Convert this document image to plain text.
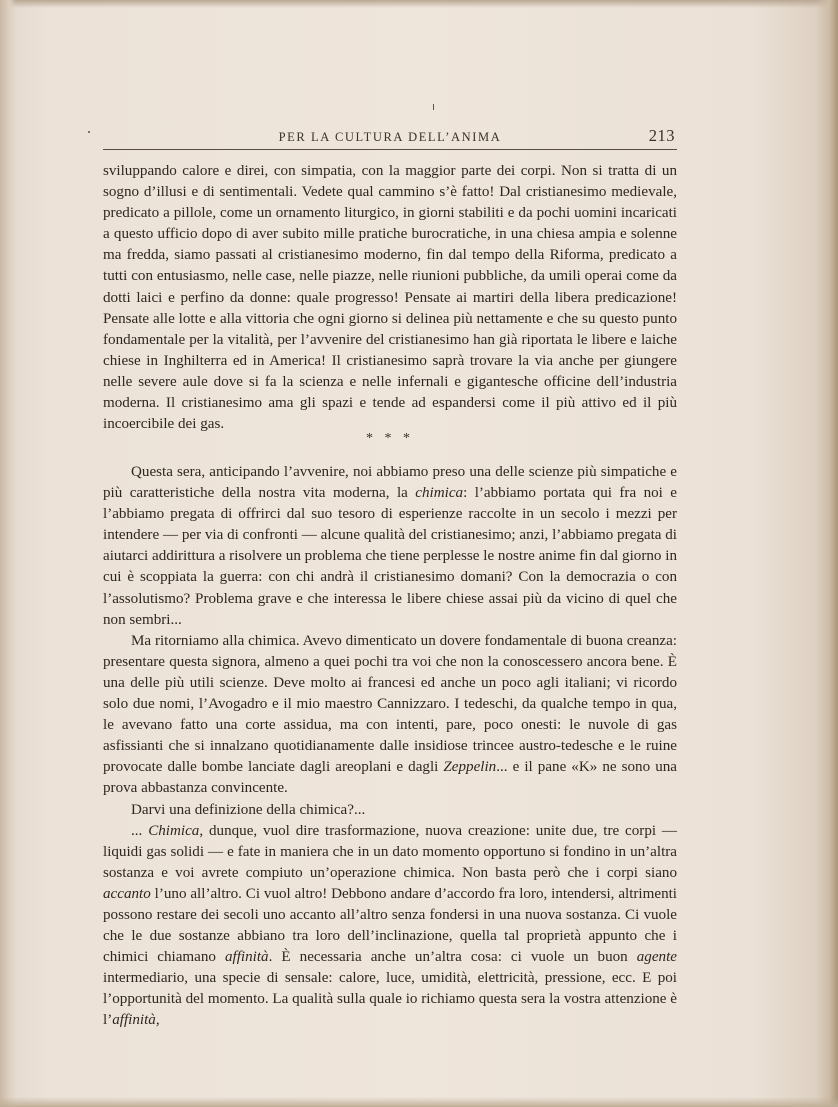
PER LA CULTURA DELL’ANIMA	213

sviluppando calore e direi, con simpatia, con la maggior parte dei corpi. Non si tratta di un sogno d’illusi e di sentimentali. Vedete qual cammino s’è fatto! Dal cristianesimo medievale, predicato a pillole, come un ornamento liturgico, in giorni stabiliti e da pochi uomini incaricati a questo ufficio dopo di aver subito mille pratiche burocratiche, in una chiesa ampia e solenne ma fredda, siamo passati al cristianesimo moderno, fin dal tempo della Riforma, predicato a tutti con entusiasmo, nelle case, nelle piazze, nelle riunioni pubbliche, da umili operai come da dotti laici e perfino da donne: quale progresso! Pensate ai martiri della libera predicazione! Pensate alle lotte e alla vittoria che ogni giorno si delinea più nettamente e che su questo punto fondamentale per la vitalità, per l’avvenire del cristianesimo han già riportata le libere e laiche chiese in Inghilterra ed in America! Il cristianesimo saprà trovare la via anche per giungere nelle severe aule dove si fa la scienza e nelle infernali e gigantesche officine dell’industria moderna. Il cristianesimo ama gli spazi e tende ad espandersi come il più attivo ed il più incoercibile dei gas.

* * *

Questa sera, anticipando l’avvenire, noi abbiamo preso una delle scienze più simpatiche e più caratteristiche della nostra vita moderna, la chimica: l’abbiamo portata qui fra noi e l’abbiamo pregata di offrirci dal suo tesoro di esperienze raccolte in un secolo i mezzi per intendere — per via di confronti — alcune qualità del cristianesimo; anzi, l’abbiamo pregata di aiutarci addirittura a risolvere un problema che tiene perplesse le nostre anime fin dal giorno in cui è scoppiata la guerra: con chi andrà il cristianesimo domani? Con la democrazia o con l’assolutismo? Problema grave e che interessa le libere chiese assai più da vicino di quel che non sembri...

Ma ritorniamo alla chimica. Avevo dimenticato un dovere fondamentale di buona creanza: presentare questa signora, almeno a quei pochi tra voi che non la conoscessero ancora bene. È una delle più utili scienze. Deve molto ai francesi ed anche un poco agli italiani; vi ricordo solo due nomi, l’Avogadro e il mio maestro Cannizzaro. I tedeschi, da qualche tempo in qua, le avevano fatto una corte assidua, ma con intenti, pare, poco onesti: le nuvole di gas asfissianti che si innalzano quotidianamente dalle insidiose trincee austro-tedesche e le ruine provocate dalle bombe lanciate dagli areoplani e dagli Zeppelin... e il pane «K» ne sono una prova abbastanza convincente.

Darvi una definizione della chimica?...

... Chimica, dunque, vuol dire trasformazione, nuova creazione: unite due, tre corpi — liquidi gas solidi — e fate in maniera che in un dato momento opportuno si fondino in un’altra sostanza e voi avrete compiuto un’operazione chimica. Non basta però che i corpi siano accanto l’uno all’altro. Ci vuol altro! Debbono andare d’accordo fra loro, intendersi, altrimenti possono restare dei secoli uno accanto all’altro senza fondersi in una nuova sostanza. Ci vuole che le due sostanze abbiano tra loro dell’inclinazione, quella tal proprietà appunto che i chimici chiamano affinità. È necessaria anche un’altra cosa: ci vuole un buon agente intermediario, una specie di sensale: calore, luce, umidità, elettricità, pressione, ecc. E poi l’opportunità del momento. La qualità sulla quale io richiamo questa sera la vostra attenzione è l’affinità,
